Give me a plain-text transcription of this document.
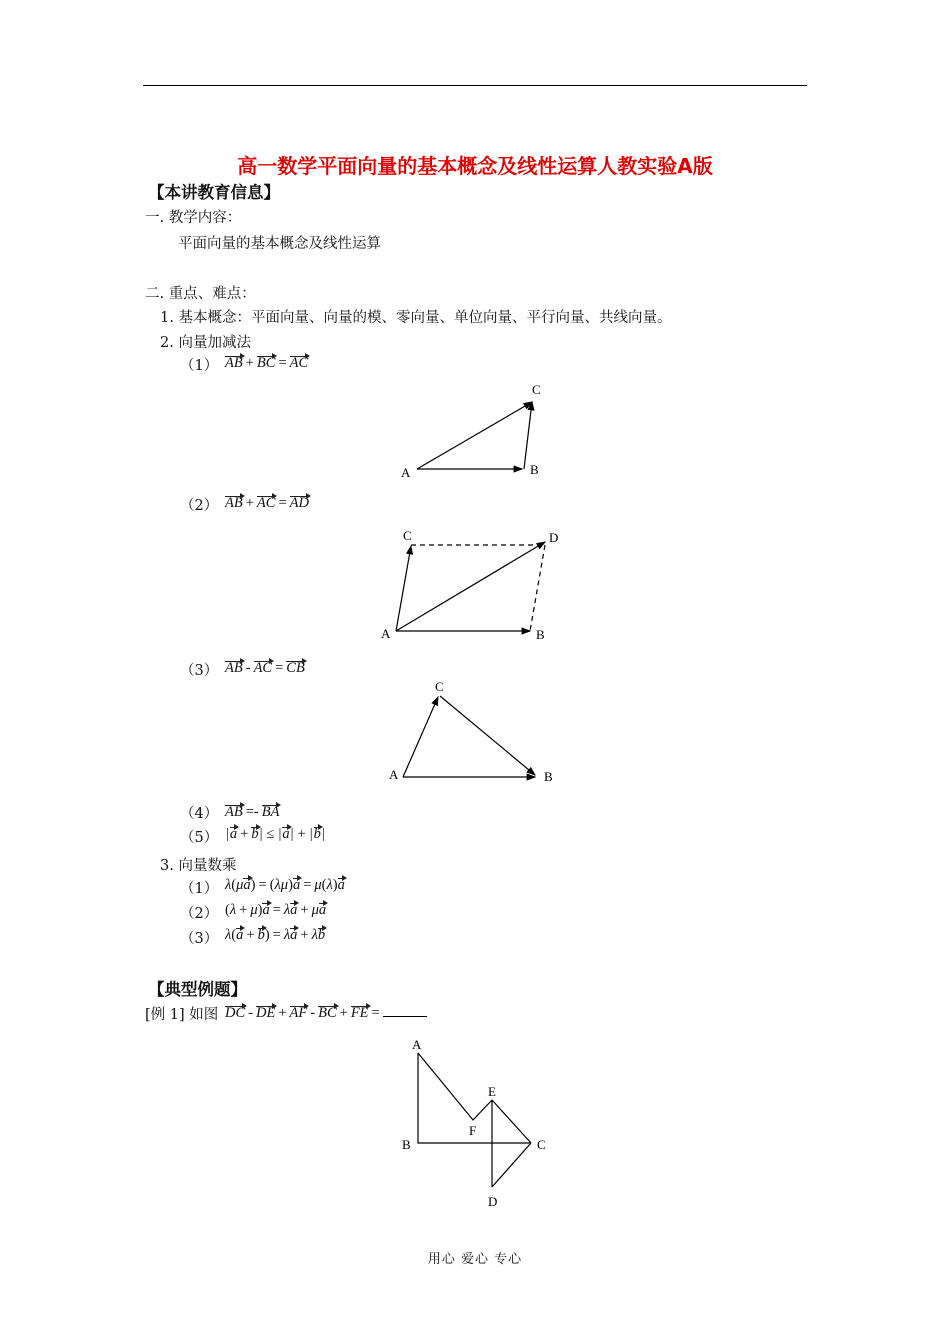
高一数学平面向量的基本概念及线性运算人教实验A版
【本讲教育信息】
一. 教学内容：
平面向量的基本概念及线性运算
二. 重点、难点：
1. 基本概念：平面向量、向量的模、零向量、单位向量、平行向量、共线向量。
2. 向量加减法
（1） AB + BC = AC
A	B
C
（2） AB + AC = AD
A	B
C	D
（3） AB - AC = CB
A	B
C
（4） AB =- BA
（5） |a + b| ≤ |a| + |b|
3. 向量数乘
（1） λ(μa) = (λμ)a = μ(λ)a
（2） (λ + μ)a = λa + μa
（3） λ(a + b) = λa + λb
【典型例题】
[例 1] 如图 DC - DE + AF - BC + FE =
A
B	C
D
E
F
用心 爱心 专心
